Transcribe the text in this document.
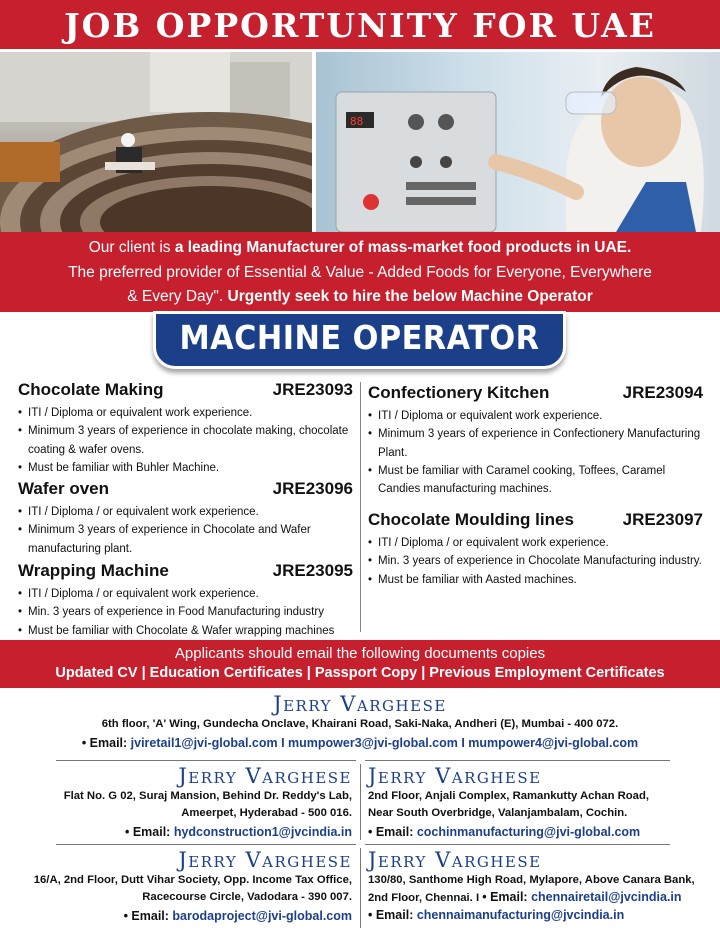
JOB OPPORTUNITY FOR UAE
88
Our client is a leading Manufacturer of mass-market food products in UAE.
The preferred provider of Essential & Value - Added Foods for Everyone, Everywhere
& Every Day". Urgently seek to hire the below Machine Operator
MACHINE OPERATOR
Chocolate Making	JRE23093
• ITI / Diploma or equivalent work experience.
• Minimum 3 years of experience in chocolate making, chocolate coating & wafer ovens.
• Must be familiar with Buhler Machine.
Wafer oven	JRE23096
• ITI / Diploma / or equivalent work experience.
• Minimum 3 years of experience in Chocolate and Wafer manufacturing plant.
Wrapping Machine	JRE23095
• ITI / Diploma / or equivalent work experience.
• Min. 3 years of experience in Food Manufacturing industry
• Must be familiar with Chocolate & Wafer wrapping machines
Confectionery Kitchen	JRE23094
• ITI / Diploma or equivalent work experience.
• Minimum 3 years of experience in Confectionery Manufacturing Plant.
• Must be familiar with Caramel cooking, Toffees, Caramel Candies manufacturing machines.
Chocolate Moulding lines	JRE23097
• ITI / Diploma / or equivalent work experience.
• Min. 3 years of experience in Chocolate Manufacturing industry.
• Must be familiar with Aasted machines.
Applicants should email the following documents copies
Updated CV | Education Certificates | Passport Copy | Previous Employment Certificates
Jerry Varghese
6th floor, 'A' Wing, Gundecha Onclave, Khairani Road, Saki-Naka, Andheri (E), Mumbai - 400 072.
• Email: jviretail1@jvi-global.com I mumpower3@jvi-global.com I mumpower4@jvi-global.com
Jerry Varghese
Flat No. G 02, Suraj Mansion, Behind Dr. Reddy's Lab,
Ameerpet, Hyderabad - 500 016.
• Email: hydconstruction1@jvcindia.in
Jerry Varghese
2nd Floor, Anjali Complex, Ramankutty Achan Road,
Near South Overbridge, Valanjambalam, Cochin.
• Email: cochinmanufacturing@jvi-global.com
Jerry Varghese
16/A, 2nd Floor, Dutt Vihar Society, Opp. Income Tax Office,
Racecourse Circle, Vadodara - 390 007.
• Email: barodaproject@jvi-global.com
Jerry Varghese
130/80, Santhome High Road, Mylapore, Above Canara Bank,
2nd Floor, Chennai. I • Email: chennairetail@jvcindia.in
• Email: chennaimanufacturing@jvcindia.in
